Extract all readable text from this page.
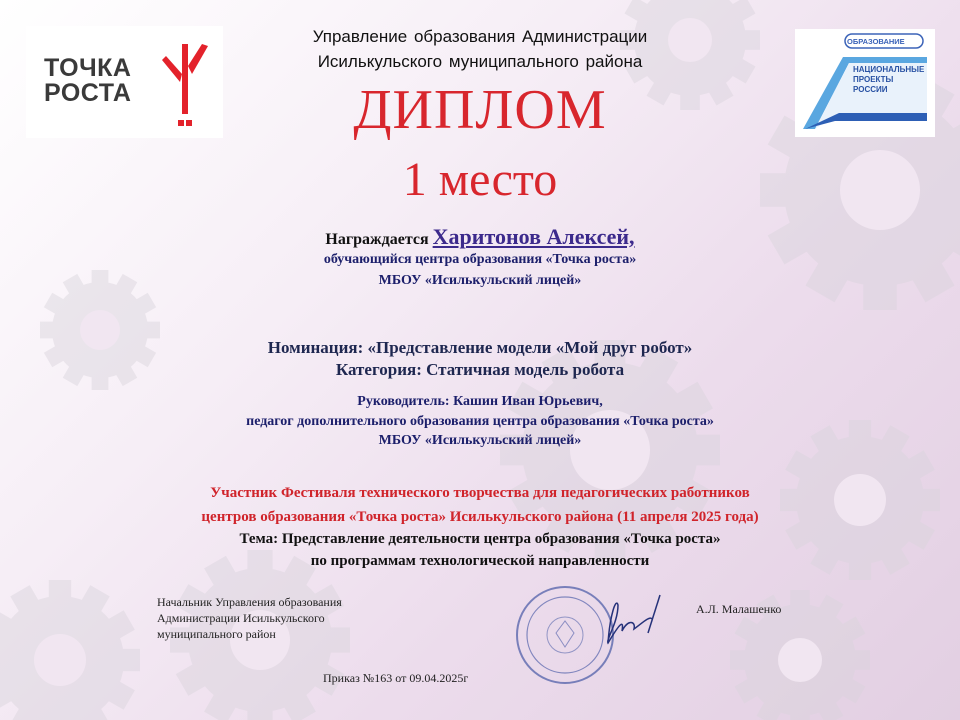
ТОЧКА
РОСТА
ОБРАЗОВАНИЕ
НАЦИОНАЛЬНЫЕ
ПРОЕКТЫ
РОССИИ
Управление образования Администрации
Исилькульского муниципального района
ДИПЛОМ
1 место
Награждается Харитонов Алексей,
обучающийся центра образования «Точка роста»
МБОУ «Исилькульский лицей»
Номинация: «Представление модели «Мой друг робот»
Категория: Статичная модель робота
Руководитель: Кашин Иван Юрьевич,
педагог дополнительного образования центра образования «Точка роста»
МБОУ «Исилькульский лицей»
Участник Фестиваля технического творчества для педагогических работников
центров образования «Точка роста» Исилькульского района (11 апреля 2025 года)
Тема: Представление деятельности центра образования «Точка роста»
по программам технологической направленности
Начальник Управления образования
Администрации Исилькульского
муниципального район
А.Л. Малашенко
Приказ №163 от 09.04.2025г
